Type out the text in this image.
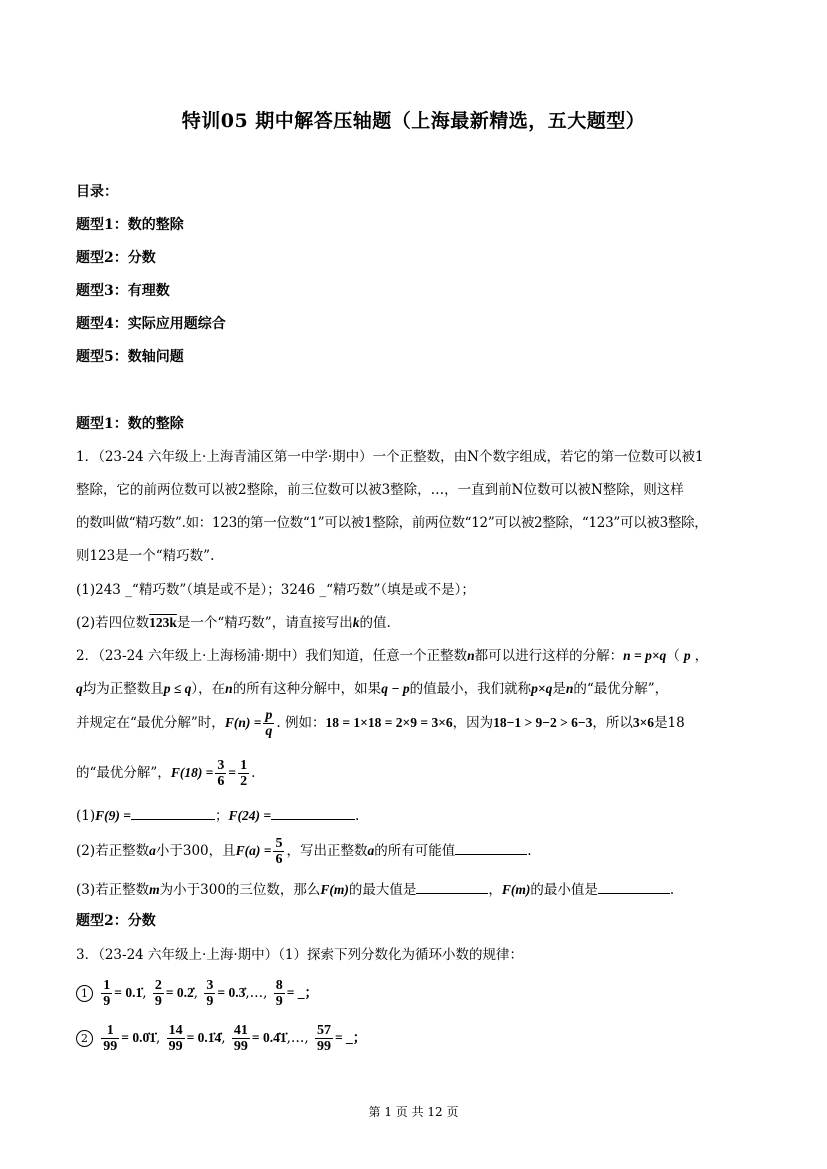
特训05 期中解答压轴题（上海最新精选，五大题型）
目录：
题型1：数的整除
题型2：分数
题型3：有理数
题型4：实际应用题综合
题型5：数轴问题
题型1：数的整除
1．（23-24 六年级上·上海青浦区第一中学·期中）一个正整数，由N个数字组成，若它的第一位数可以被1
整除，它的前两位数可以被2整除，前三位数可以被3整除，…，一直到前N位数可以被N整除，则这样
的数叫做“精巧数”.如：123的第一位数“1”可以被1整除，前两位数“12”可以被2整除，“123”可以被3整除，
则123是一个“精巧数”.
(1)243 _“精巧数”（填是或不是）；3246 _“精巧数”（填是或不是）；
(2)若四位数123k是一个“精巧数”，请直接写出k的值.
2．（23-24 六年级上·上海杨浦·期中）我们知道，任意一个正整数n都可以进行这样的分解：n = p×q（ p ，
q均为正整数且p ≤ q），在n的所有这种分解中，如果q − p的值最小，我们就称p×q是n的“最优分解”，
并规定在“最优分解”时，$F(n) = \frac{p}{q}$ . 例如：18 = 1×18 = 2×9 = 3×6，因为18−1 > 9−2 > 6−3，所以3×6是18
的“最优分解”，$F(18) = \frac{3}{6} = \frac{1}{2}$ .
(1)F(9) =	；F(24) =	.
(2)若正整数a小于300，且$F(a) = \frac{5}{6}$ ，写出正整数a的所有可能值	.
(3)若正整数m为小于300的三位数，那么F(m)的最大值是	，F(m)的最小值是	.
题型2：分数
3．（23-24 六年级上·上海·期中）（1）探索下列分数化为循环小数的规律：
$1 \frac{1}{9}$ = 0.1̇, $\frac{2}{9}$ = 0.2̇, $\frac{3}{9}$ = 0.3̇,…, $\frac{8}{9}$ = _；
$2 \frac{1}{99}$ = 0.0̇1̇, $\frac{14}{99}$ = 0.1̇4̇, $\frac{41}{99}$ = 0.4̇1̇,…, $\frac{57}{99}$ = _；
第 1 页 共 12 页
